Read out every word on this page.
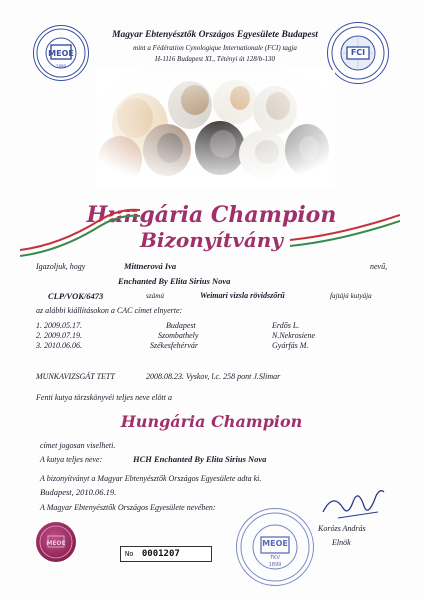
MEOE
1899
Magyar Ebtenyésztők Országos Egyesülete Budapest
mint a Fédération Cynologique Internationale (FCI) tagja
H-1116 Budapest XI., Tétényi út 128/b-130
FCI
Hungária Champion
Bizonyítvány
Igazoljuk, hogy	Mittnerová Iva	nevű,
Enchanted By Elita Sirius Nova
CLP/VOK/6473	számú	Weimari vizsla rövidszőrű	fajtájú kutyája
az alábbi kiállításokon a CAC címet elnyerte:
1. 2009.05.17.	Budapest	Erdős L.
2. 2009.07.19.	Szombathely	N.Nekrosiene
3. 2010.06.06.	Székesfehérvár	Gyárfás M.
MUNKAVIZSGÁT TETT	2008.08.23. Vyskov, l.c. 258 pont J.Slimar
Fenti kutya törzskönyvéi teljes neve elött a
Hungária Champion
címet jogosan viselheti.
A kutya teljes neve:	HCH Enchanted By Elita Sirius Nova
A bizonyítványt a Magyar Ebtenyésztők Országos Egyesülete adta ki.
Budapest, 2010.06.19.
A Magyar Ebtenyésztők Országos Egyesülete nevében:
Korózs András
Elnök
MEOE
No 0001207
MEOE
TKV
1899
